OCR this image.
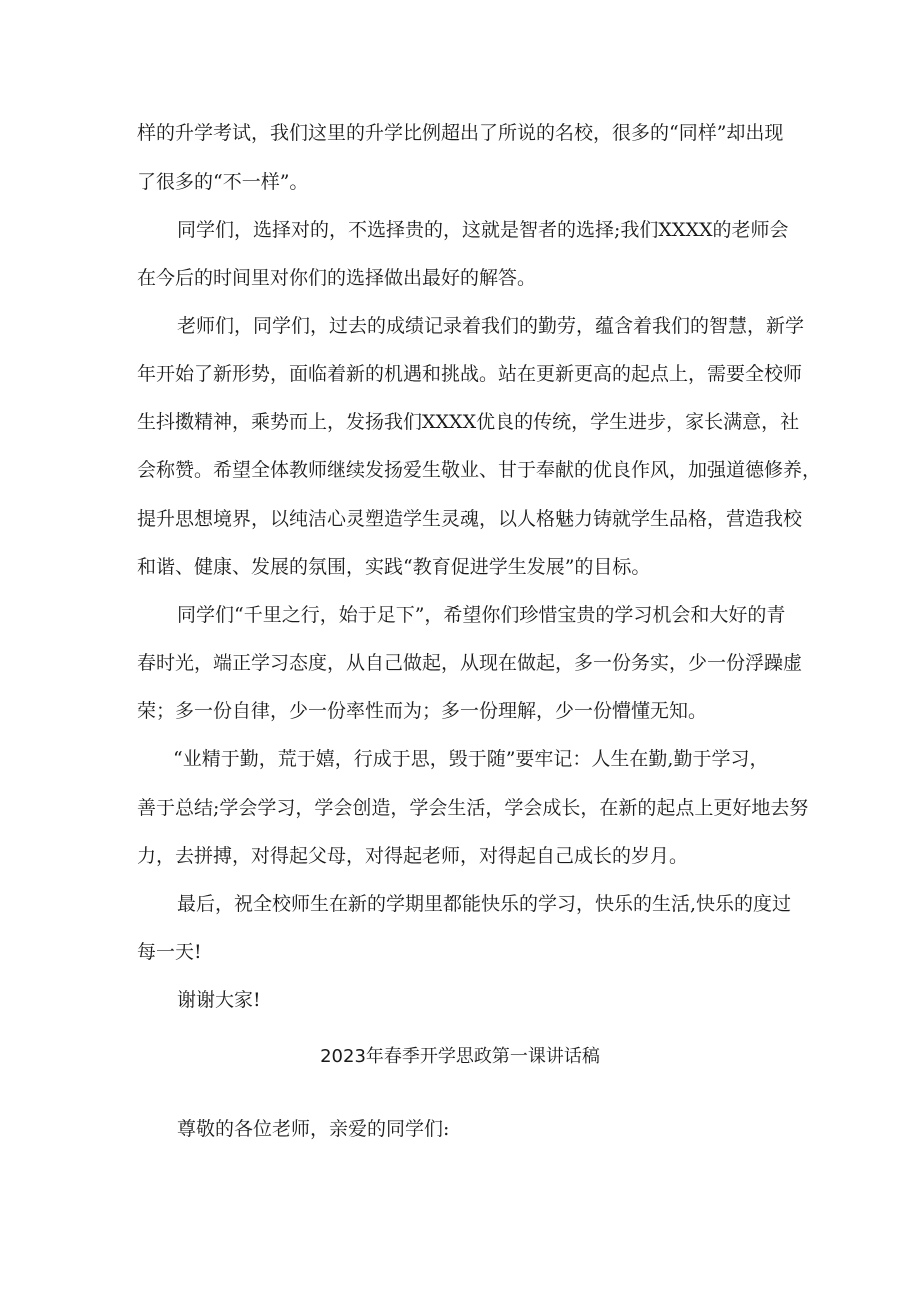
样的升学考试，我们这里的升学比例超出了所说的名校，很多的“同样”却出现
了很多的“不一样”。
同学们，选择对的，不选择贵的，这就是智者的选择;我们XXXX的老师会
在今后的时间里对你们的选择做出最好的解答。
老师们，同学们，过去的成绩记录着我们的勤劳，蕴含着我们的智慧，新学
年开始了新形势，面临着新的机遇和挑战。站在更新更高的起点上，需要全校师
生抖擞精神，乘势而上，发扬我们XXXX优良的传统，学生进步，家长满意，社
会称赞。希望全体教师继续发扬爱生敬业、甘于奉献的优良作风，加强道德修养，
提升思想境界，以纯洁心灵塑造学生灵魂，以人格魅力铸就学生品格，营造我校
和谐、健康、发展的氛围，实践“教育促进学生发展”的目标。
同学们“千里之行，始于足下”，希望你们珍惜宝贵的学习机会和大好的青
春时光，端正学习态度，从自己做起，从现在做起，多一份务实，少一份浮躁虚
荣；多一份自律，少一份率性而为；多一份理解，少一份懵懂无知。
“业精于勤，荒于嬉，行成于思，毁于随”要牢记：人生在勤,勤于学习，
善于总结;学会学习，学会创造，学会生活，学会成长，在新的起点上更好地去努
力，去拼搏，对得起父母，对得起老师，对得起自己成长的岁月。
最后，祝全校师生在新的学期里都能快乐的学习，快乐的生活,快乐的度过
每一天!
谢谢大家!
2023年春季开学思政第一课讲话稿
尊敬的各位老师，亲爱的同学们:
